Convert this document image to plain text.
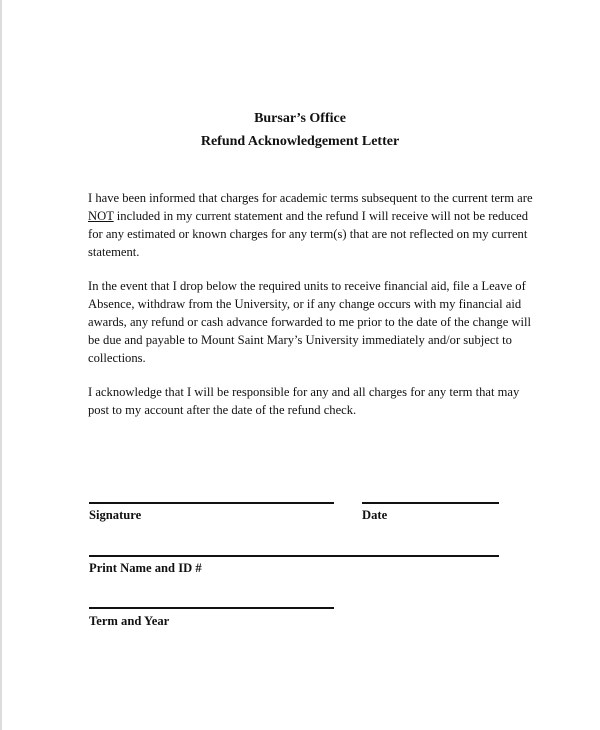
Bursar’s Office
Refund Acknowledgement Letter
I have been informed that charges for academic terms subsequent to the current term are
NOT included in my current statement and the refund I will receive will not be reduced
for any estimated or known charges for any term(s) that are not reflected on my current
statement.
In the event that I drop below the required units to receive financial aid, file a Leave of
Absence, withdraw from the University, or if any change occurs with my financial aid
awards, any refund or cash advance forwarded to me prior to the date of the change will
be due and payable to Mount Saint Mary’s University immediately and/or subject to
collections.
I acknowledge that I will be responsible for any and all charges for any term that may
post to my account after the date of the refund check.
Signature	Date
Print Name and ID #
Term and Year
